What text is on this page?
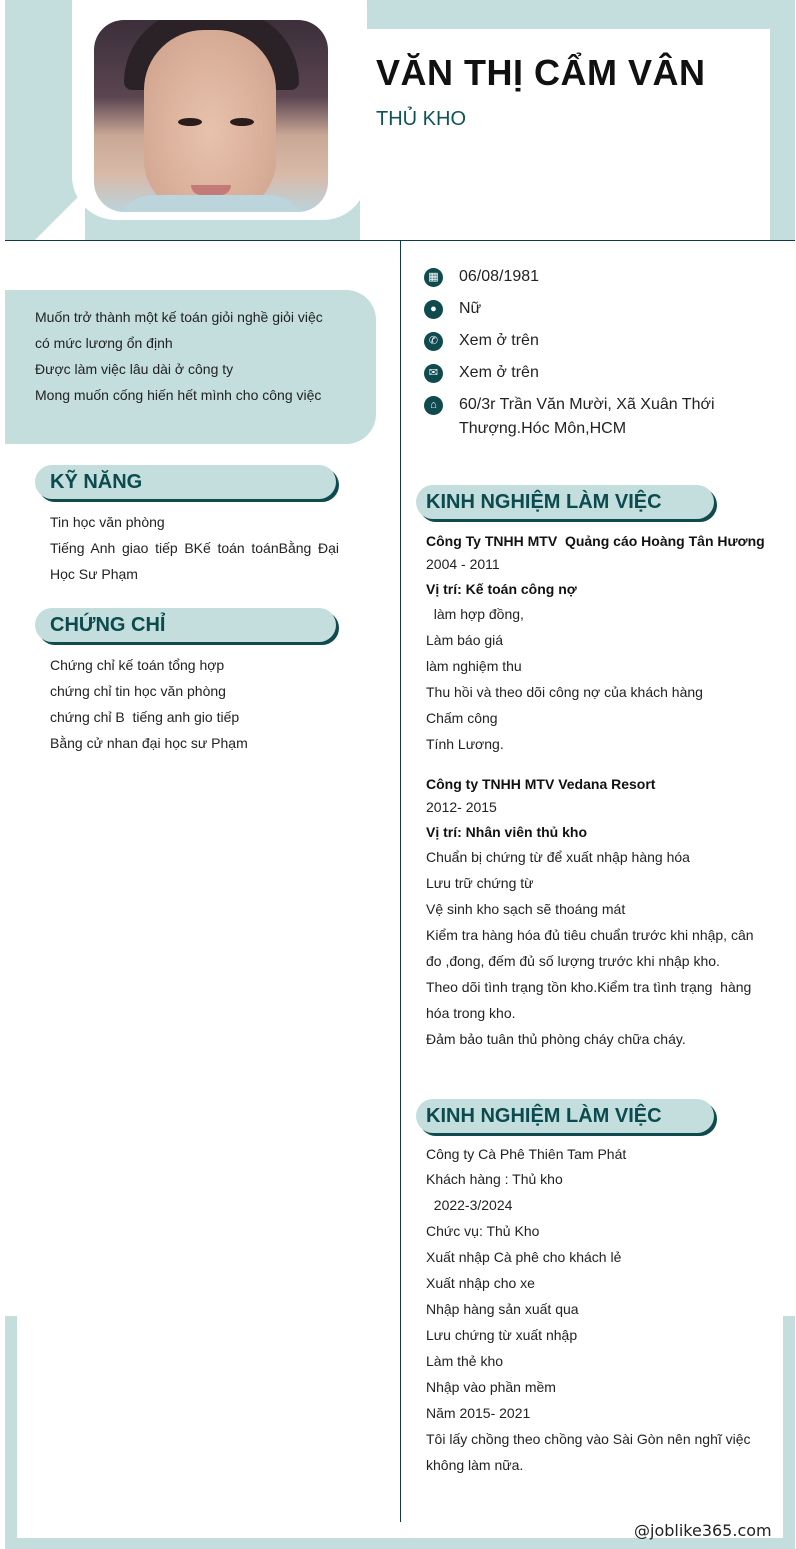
VĂN THỊ CẨM VÂN
THỦ KHO
Muốn trở thành một kế toán giỏi nghề giỏi việc
có mức lương ổn định
Được làm việc lâu dài ở công ty
Mong muốn cống hiến hết mình cho công việc
KỸ NĂNG
Tin học văn phòng
Tiếng Anh giao tiếp BKế toán toánBằng Đại
Học Sư Phạm
CHỨNG CHỈ
Chứng chỉ kế toán tổng hợp
chứng chỉ tin học văn phòng
chứng chỉ B  tiếng anh gio tiếp
Bằng cử nhan đại học sư Phạm
▦ 06/08/1981
●	Nữ
✆	Xem ở trên
✉	Xem ở trên
⌂	60/3r Trần Văn Mười, Xã Xuân Thới
Thượng.Hóc Môn,HCM
KINH NGHIỆM LÀM VIỆC
Công Ty TNHH MTV  Quảng cáo Hoàng Tân Hương
2004 - 2011
Vị trí: Kế toán công nợ
làm hợp đồng,
Làm báo giá
làm nghiệm thu
Thu hồi và theo dõi công nợ của khách hàng
Chấm công
Tính Lương.
Công ty TNHH MTV Vedana Resort
2012- 2015
Vị trí: Nhân viên thủ kho
Chuẩn bị chứng từ để xuất nhập hàng hóa
Lưu trữ chứng từ
Vệ sinh kho sạch sẽ thoáng mát
Kiểm tra hàng hóa đủ tiêu chuẩn trước khi nhập, cân
đo ,đong, đếm đủ số lượng trước khi nhập kho.
Theo dõi tình trạng tồn kho.Kiểm tra tình trạng  hàng
hóa trong kho.
Đảm bảo tuân thủ phòng cháy chữa cháy.
KINH NGHIỆM LÀM VIỆC
Công ty Cà Phê Thiên Tam Phát
Khách hàng : Thủ kho
2022-3/2024
Chức vụ: Thủ Kho
Xuất nhập Cà phê cho khách lẻ
Xuất nhập cho xe
Nhập hàng sản xuất qua
Lưu chứng từ xuất nhập
Làm thẻ kho
Nhập vào phần mềm
Năm 2015- 2021
Tôi lấy chồng theo chồng vào Sài Gòn nên nghĩ việc
không làm nữa.
@joblike365.com
